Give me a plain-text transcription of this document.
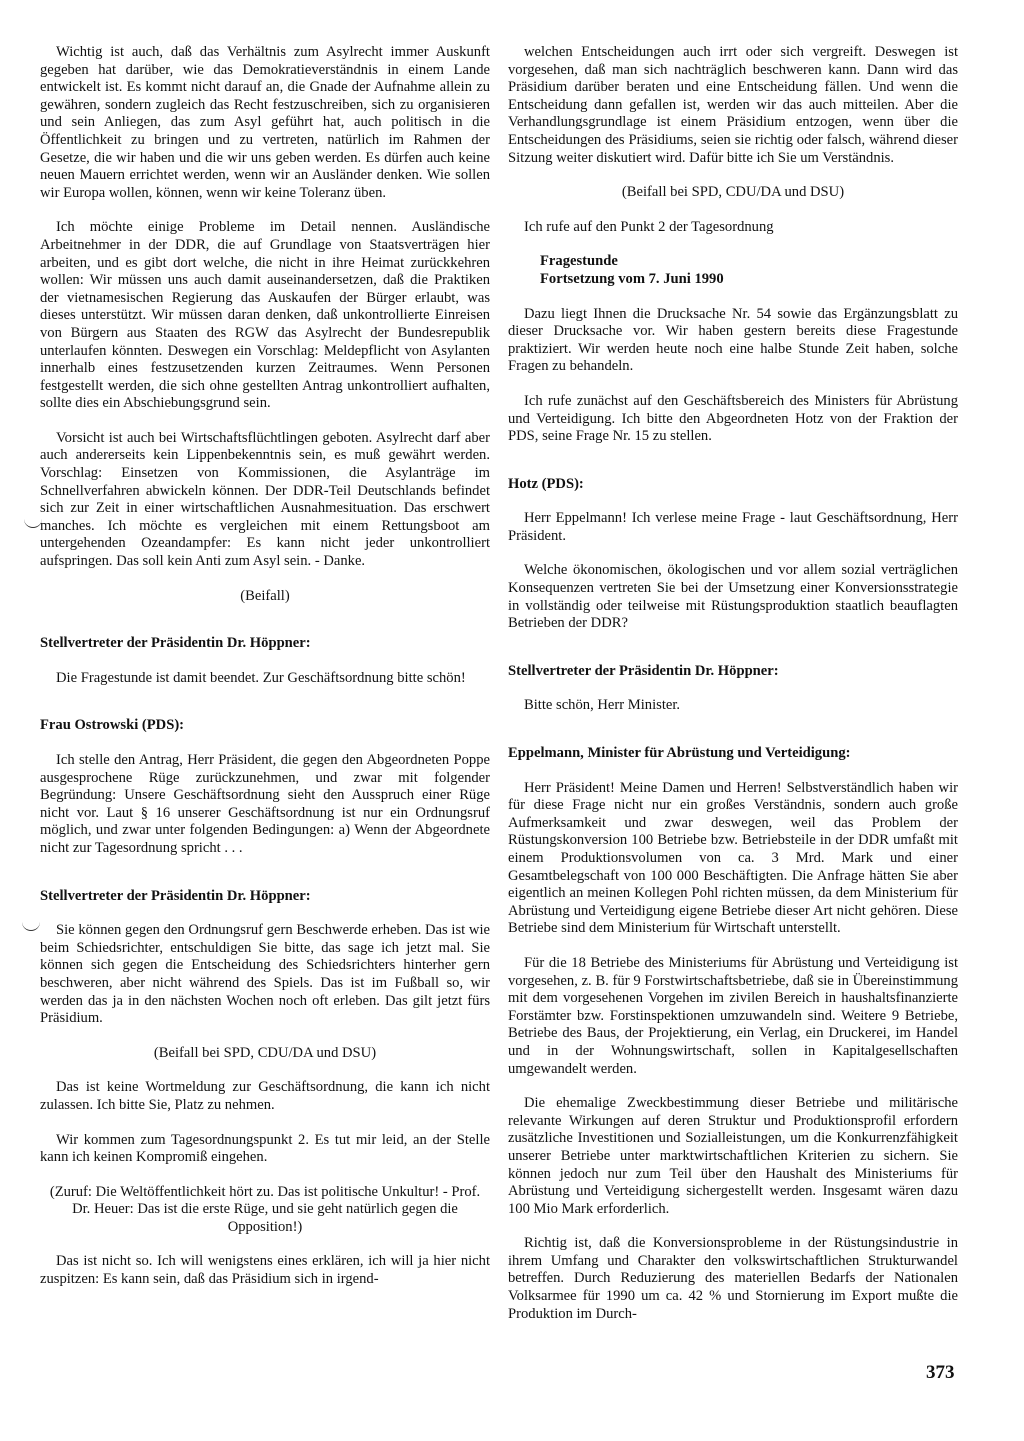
Wichtig ist auch, daß das Verhältnis zum Asylrecht immer Auskunft gegeben hat darüber, wie das Demokratieverständnis in einem Lande entwickelt ist. Es kommt nicht darauf an, die Gnade der Aufnahme allein zu gewähren, sondern zugleich das Recht festzuschreiben, sich zu organisieren und sein Anliegen, das zum Asyl geführt hat, auch politisch in die Öffentlichkeit zu bringen und zu vertreten, natürlich im Rahmen der Gesetze, die wir haben und die wir uns geben werden. Es dürfen auch keine neuen Mauern errichtet werden, wenn wir an Ausländer denken. Wie sollen wir Europa wollen, können, wenn wir keine Toleranz üben.

Ich möchte einige Probleme im Detail nennen. Ausländische Arbeitnehmer in der DDR, die auf Grundlage von Staatsverträgen hier arbeiten, und es gibt dort welche, die nicht in ihre Heimat zurückkehren wollen: Wir müssen uns auch damit auseinandersetzen, daß die Praktiken der vietnamesischen Regierung das Auskaufen der Bürger erlaubt, was dieses unterstützt. Wir müssen daran denken, daß unkontrollierte Einreisen von Bürgern aus Staaten des RGW das Asylrecht der Bundesrepublik unterlaufen könnten. Deswegen ein Vorschlag: Meldepflicht von Asylanten innerhalb eines festzusetzenden kurzen Zeitraumes. Wenn Personen festgestellt werden, die sich ohne gestellten Antrag unkontrolliert aufhalten, sollte dies ein Abschiebungsgrund sein.

Vorsicht ist auch bei Wirtschaftsflüchtlingen geboten. Asylrecht darf aber auch andererseits kein Lippenbekenntnis sein, es muß gewährt werden. Vorschlag: Einsetzen von Kommissionen, die Asylanträge im Schnellverfahren abwickeln können. Der DDR-Teil Deutschlands befindet sich zur Zeit in einer wirtschaftlichen Ausnahmesituation. Das erschwert manches. Ich möchte es vergleichen mit einem Rettungsboot am untergehenden Ozeandampfer: Es kann nicht jeder unkontrolliert aufspringen. Das soll kein Anti zum Asyl sein. - Danke.

(Beifall)

Stellvertreter der Präsidentin Dr. Höppner:

Die Fragestunde ist damit beendet. Zur Geschäftsordnung bitte schön!

Frau Ostrowski (PDS):

Ich stelle den Antrag, Herr Präsident, die gegen den Abgeordneten Poppe ausgesprochene Rüge zurückzunehmen, und zwar mit folgender Begründung: Unsere Geschäftsordnung sieht den Ausspruch einer Rüge nicht vor. Laut § 16 unserer Geschäftsordnung ist nur ein Ordnungsruf möglich, und zwar unter folgenden Bedingungen: a) Wenn der Abgeordnete nicht zur Tagesordnung spricht . . .

Stellvertreter der Präsidentin Dr. Höppner:

Sie können gegen den Ordnungsruf gern Beschwerde erheben. Das ist wie beim Schiedsrichter, entschuldigen Sie bitte, das sage ich jetzt mal. Sie können sich gegen die Entscheidung des Schiedsrichters hinterher gern beschweren, aber nicht während des Spiels. Das ist im Fußball so, wir werden das ja in den nächsten Wochen noch oft erleben. Das gilt jetzt fürs Präsidium.

(Beifall bei SPD, CDU/DA und DSU)

Das ist keine Wortmeldung zur Geschäftsordnung, die kann ich nicht zulassen. Ich bitte Sie, Platz zu nehmen.

Wir kommen zum Tagesordnungspunkt 2. Es tut mir leid, an der Stelle kann ich keinen Kompromiß eingehen.

(Zuruf: Die Weltöffentlichkeit hört zu. Das ist politische Unkultur! - Prof. Dr. Heuer: Das ist die erste Rüge, und sie geht natürlich gegen die Opposition!)

Das ist nicht so. Ich will wenigstens eines erklären, ich will ja hier nicht zuspitzen: Es kann sein, daß das Präsidium sich in irgend-

welchen Entscheidungen auch irrt oder sich vergreift. Deswegen ist vorgesehen, daß man sich nachträglich beschweren kann. Dann wird das Präsidium darüber beraten und eine Entscheidung fällen. Und wenn die Entscheidung dann gefallen ist, werden wir das auch mitteilen. Aber die Verhandlungsgrundlage ist einem Präsidium entzogen, wenn über die Entscheidungen des Präsidiums, seien sie richtig oder falsch, während dieser Sitzung weiter diskutiert wird. Dafür bitte ich Sie um Verständnis.

(Beifall bei SPD, CDU/DA und DSU)

Ich rufe auf den Punkt 2 der Tagesordnung

Fragestunde

Fortsetzung vom 7. Juni 1990

Dazu liegt Ihnen die Drucksache Nr. 54 sowie das Ergänzungsblatt zu dieser Drucksache vor. Wir haben gestern bereits diese Fragestunde praktiziert. Wir werden heute noch eine halbe Stunde Zeit haben, solche Fragen zu behandeln.

Ich rufe zunächst auf den Geschäftsbereich des Ministers für Abrüstung und Verteidigung. Ich bitte den Abgeordneten Hotz von der Fraktion der PDS, seine Frage Nr. 15 zu stellen.

Hotz (PDS):

Herr Eppelmann! Ich verlese meine Frage - laut Geschäftsordnung, Herr Präsident.

Welche ökonomischen, ökologischen und vor allem sozial verträglichen Konsequenzen vertreten Sie bei der Umsetzung einer Konversionsstrategie in vollständig oder teilweise mit Rüstungsproduktion staatlich beauflagten Betrieben der DDR?

Stellvertreter der Präsidentin Dr. Höppner:

Bitte schön, Herr Minister.

Eppelmann, Minister für Abrüstung und Verteidigung:

Herr Präsident! Meine Damen und Herren! Selbstverständlich haben wir für diese Frage nicht nur ein großes Verständnis, sondern auch große Aufmerksamkeit und zwar deswegen, weil das Problem der Rüstungskonversion 100 Betriebe bzw. Betriebsteile in der DDR umfaßt mit einem Produktionsvolumen von ca. 3 Mrd. Mark und einer Gesamtbelegschaft von 100 000 Beschäftigten. Die Anfrage hätten Sie aber eigentlich an meinen Kollegen Pohl richten müssen, da dem Ministerium für Abrüstung und Verteidigung eigene Betriebe dieser Art nicht gehören. Diese Betriebe sind dem Ministerium für Wirtschaft unterstellt.

Für die 18 Betriebe des Ministeriums für Abrüstung und Verteidigung ist vorgesehen, z. B. für 9 Forstwirtschaftsbetriebe, daß sie in Übereinstimmung mit dem vorgesehenen Vorgehen im zivilen Bereich in haushaltsfinanzierte Forstämter bzw. Forstinspektionen umzuwandeln sind. Weitere 9 Betriebe, Betriebe des Baus, der Projektierung, ein Verlag, ein Druckerei, im Handel und in der Wohnungswirtschaft, sollen in Kapitalgesellschaften umgewandelt werden.

Die ehemalige Zweckbestimmung dieser Betriebe und militärische relevante Wirkungen auf deren Struktur und Produktionsprofil erfordern zusätzliche Investitionen und Sozialleistungen, um die Konkurrenzfähigkeit unserer Betriebe unter marktwirtschaftlichen Kriterien zu sichern. Sie können jedoch nur zum Teil über den Haushalt des Ministeriums für Abrüstung und Verteidigung sichergestellt werden. Insgesamt wären dazu 100 Mio Mark erforderlich.

Richtig ist, daß die Konversionsprobleme in der Rüstungsindustrie in ihrem Umfang und Charakter den volkswirtschaftlichen Strukturwandel betreffen. Durch Reduzierung des materiellen Bedarfs der Nationalen Volksarmee für 1990 um ca. 42 % und Stornierung im Export mußte die Produktion im Durch-

373
